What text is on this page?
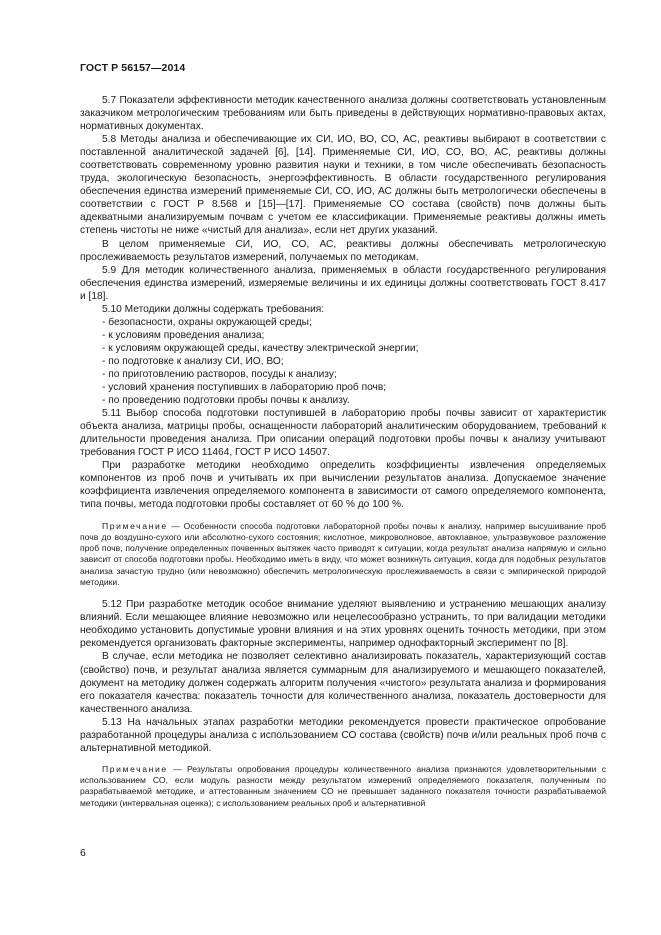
ГОСТ Р 56157—2014

5.7 Показатели эффективности методик качественного анализа должны соответствовать установленным заказчиком метрологическим требованиям или быть приведены в действующих нормативно-правовых актах, нормативных документах.

5.8 Методы анализа и обеспечивающие их СИ, ИО, ВО, СО, АС, реактивы выбирают в соответствии с поставленной аналитической задачей [6], [14]. Применяемые СИ, ИО, СО, ВО, АС, реактивы должны соответствовать современному уровню развития науки и техники, в том числе обеспечивать безопасность труда, экологическую безопасность, энергоэффективность. В области государственного регулирования обеспечения единства измерений применяемые СИ, СО, ИО, АС должны быть метрологически обеспечены в соответствии с ГОСТ Р 8.568 и [15]—[17]. Применяемые СО состава (свойств) почв должны быть адекватными анализируемым почвам с учетом ее классификации. Применяемые реактивы должны иметь степень чистоты не ниже «чистый для анализа», если нет других указаний.

В целом применяемые СИ, ИО, СО, АС, реактивы должны обеспечивать метрологическую прослеживаемость результатов измерений, получаемых по методикам.

5.9 Для методик количественного анализа, применяемых в области государственного регулирования обеспечения единства измерений, измеряемые величины и их единицы должны соответствовать ГОСТ 8.417 и [18].

5.10 Методики должны содержать требования:

- безопасности, охраны окружающей среды;
- к условиям проведения анализа;
- к условиям окружающей среды, качеству электрической энергии;
- по подготовке к анализу СИ, ИО, ВО;
- по приготовлению растворов, посуды к анализу;
- условий хранения поступивших в лабораторию проб почв;
- по проведению подготовки пробы почвы к анализу.

5.11 Выбор способа подготовки поступившей в лабораторию пробы почвы зависит от характеристик объекта анализа, матрицы пробы, оснащенности лабораторий аналитическим оборудованием, требований к длительности проведения анализа. При описании операций подготовки пробы почвы к анализу учитывают требования ГОСТ Р ИСО 11464, ГОСТ Р ИСО 14507.

При разработке методики необходимо определить коэффициенты извлечения определяемых компонентов из проб почв и учитывать их при вычислении результатов анализа. Допускаемое значение коэффициента извлечения определяемого компонента в зависимости от самого определяемого компонента, типа почвы, метода подготовки пробы составляет от 60 % до 100 %.

Примечание — Особенности способа подготовки лабораторной пробы почвы к анализу, например высушивание проб почв до воздушно-сухого или абсолютно-сухого состояния; кислотное, микроволновое, автоклавное, ультразвуковое разложение проб почв, получение определенных почвенных вытяжек часто приводят к ситуации, когда результат анализа напрямую и сильно зависит от способа подготовки пробы. Необходимо иметь в виду, что может возникнуть ситуация, когда для подобных результатов анализа зачастую трудно (или невозможно) обеспечить метрологическую прослеживаемость в связи с эмпирической природой методики.

5.12 При разработке методик особое внимание уделяют выявлению и устранению мешающих анализу влияний. Если мешающее влияние невозможно или нецелесообразно устранить, то при валидации методики необходимо установить допустимые уровни влияния и на этих уровнях оценить точность методики, при этом рекомендуется организовать факторные эксперименты, например однофакторный эксперимент по [8].

В случае, если методика не позволяет селективно анализировать показатель, характеризующий состав (свойство) почв, и результат анализа является суммарным для анализируемого и мешающего показателей, документ на методику должен содержать алгоритм получения «чистого» результата анализа и формирования его показателя качества: показатель точности для количественного анализа, показатель достоверности для качественного анализа.

5.13 На начальных этапах разработки методики рекомендуется провести практическое опробование разработанной процедуры анализа с использованием СО состава (свойств) почв и/или реальных проб почв с альтернативной методикой.

Примечание — Результаты опробования процедуры количественного анализа признаются удовлетворительными с использованием СО, если модуль разности между результатом измерений определяемого показателя, полученным по разрабатываемой методике, и аттестованным значением СО не превышает заданного показателя точности разрабатываемой методики (интервальная оценка); с использованием реальных проб и альтернативной
6
